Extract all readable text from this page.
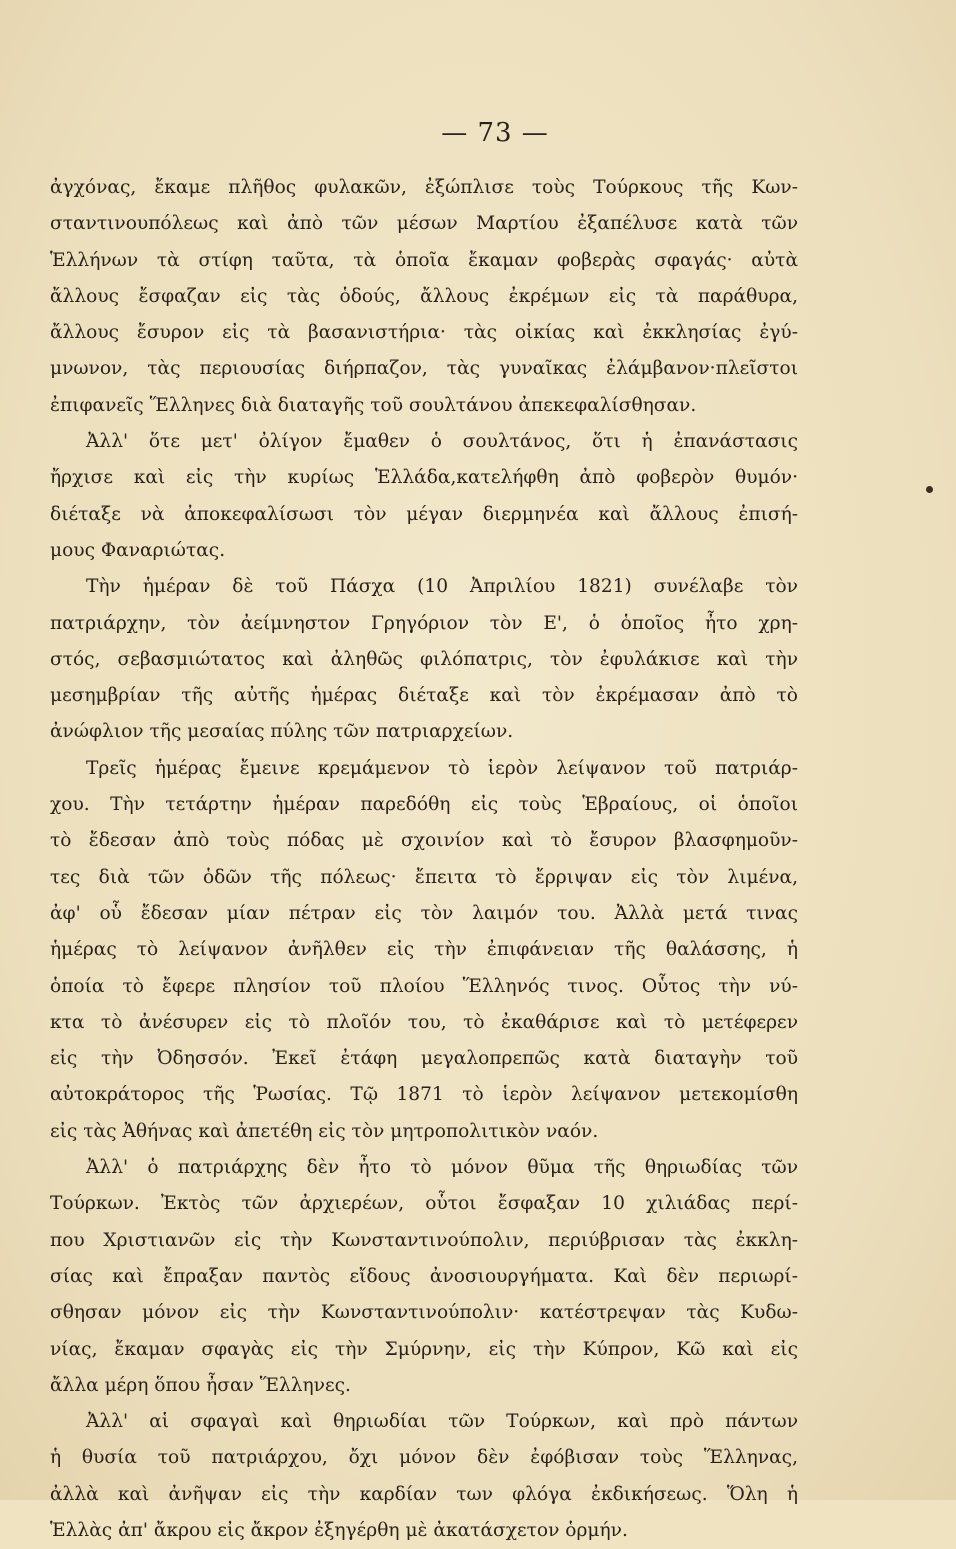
— 73 —
ἀγχόνας, ἔκαμε πλῆθος φυλακῶν, ἐξώπλισε τοὺς Τούρκους τῆς Κων-
σταντινουπόλεως καὶ ἀπὸ τῶν μέσων Μαρτίου ἐξαπέλυσε κατὰ τῶν
Ἑλλήνων τὰ στίφη ταῦτα, τὰ ὁποῖα ἔκαμαν φοβερὰς σφαγάς· αὐτὰ
ἄλλους ἔσφαζαν εἰς τὰς ὁδούς, ἄλλους ἐκρέμων εἰς τὰ παράθυρα,
ἄλλους ἔσυρον εἰς τὰ βασανιστήρια· τὰς οἰκίας καὶ ἐκκλησίας ἐγύ-
μνωνον, τὰς περιουσίας διήρπαζον, τὰς γυναῖκας ἐλάμβανον·πλεῖστοι
ἐπιφανεῖς Ἕλληνες διὰ διαταγῆς τοῦ σουλτάνου ἀπεκεφαλίσθησαν.
Ἀλλ' ὅτε μετ' ὀλίγον ἔμαθεν ὁ σουλτάνος, ὅτι ἡ ἐπανάστασις
ἤρχισε καὶ εἰς τὴν κυρίως Ἑλλάδα,κατελήφθη ἀπὸ φοβερὸν θυμόν·
διέταξε νὰ ἀποκεφαλίσωσι τὸν μέγαν διερμηνέα καὶ ἄλλους ἐπισή-
μους Φαναριώτας.
Τὴν ἡμέραν δὲ τοῦ Πάσχα (10 Ἀπριλίου 1821) συνέλαβε τὸν
πατριάρχην, τὸν ἀείμνηστον Γρηγόριον τὸν Ε', ὁ ὁποῖος ἦτο χρη-
στός, σεβασμιώτατος καὶ ἀληθῶς φιλόπατρις, τὸν ἐφυλάκισε καὶ τὴν
μεσημβρίαν τῆς αὐτῆς ἡμέρας διέταξε καὶ τὸν ἐκρέμασαν ἀπὸ τὸ
ἀνώφλιον τῆς μεσαίας πύλης τῶν πατριαρχείων.
Τρεῖς ἡμέρας ἔμεινε κρεμάμενον τὸ ἱερὸν λείψανον τοῦ πατριάρ-
χου. Τὴν τετάρτην ἡμέραν παρεδόθη εἰς τοὺς Ἑβραίους, οἱ ὁποῖοι
τὸ ἔδεσαν ἀπὸ τοὺς πόδας μὲ σχοινίον καὶ τὸ ἔσυρον βλασφημοῦν-
τες διὰ τῶν ὁδῶν τῆς πόλεως· ἔπειτα τὸ ἔρριψαν εἰς τὸν λιμένα,
ἀφ' οὗ ἔδεσαν μίαν πέτραν εἰς τὸν λαιμόν του. Ἀλλὰ μετά τινας
ἡμέρας τὸ λείψανον ἀνῆλθεν εἰς τὴν ἐπιφάνειαν τῆς θαλάσσης, ἡ
ὁποία τὸ ἔφερε πλησίον τοῦ πλοίου Ἕλληνός τινος. Οὗτος τὴν νύ-
κτα τὸ ἀνέσυρεν εἰς τὸ πλοῖόν του, τὸ ἐκαθάρισε καὶ τὸ μετέφερεν
εἰς τὴν Ὀδησσόν. Ἐκεῖ ἐτάφη μεγαλοπρεπῶς κατὰ διαταγὴν τοῦ
αὐτοκράτορος τῆς Ῥωσίας. Τῷ 1871 τὸ ἱερὸν λείψανον μετεκομίσθη
εἰς τὰς Ἀθήνας καὶ ἀπετέθη εἰς τὸν μητροπολιτικὸν ναόν.
Ἀλλ' ὁ πατριάρχης δὲν ἦτο τὸ μόνον θῦμα τῆς θηριωδίας τῶν
Τούρκων. Ἐκτὸς τῶν ἀρχιερέων, οὗτοι ἔσφαξαν 10 χιλιάδας περί-
που Χριστιανῶν εἰς τὴν Κωνσταντινούπολιν, περιύβρισαν τὰς ἐκκλη-
σίας καὶ ἔπραξαν παντὸς εἴδους ἀνοσιουργήματα. Καὶ δὲν περιωρί-
σθησαν μόνον εἰς τὴν Κωνσταντινούπολιν· κατέστρεψαν τὰς Κυδω-
νίας, ἔκαμαν σφαγὰς εἰς τὴν Σμύρνην, εἰς τὴν Κύπρον, Κῶ καὶ εἰς
ἄλλα μέρη ὅπου ἦσαν Ἕλληνες.
Ἀλλ' αἱ σφαγαὶ καὶ θηριωδίαι τῶν Τούρκων, καὶ πρὸ πάντων
ἡ θυσία τοῦ πατριάρχου, ὄχι μόνον δὲν ἐφόβισαν τοὺς Ἕλληνας,
ἀλλὰ καὶ ἀνῆψαν εἰς τὴν καρδίαν των φλόγα ἐκδικήσεως. Ὅλη ἡ
Ἑλλὰς ἀπ' ἄκρου εἰς ἄκρον ἐξηγέρθη μὲ ἀκατάσχετον ὁρμήν.
